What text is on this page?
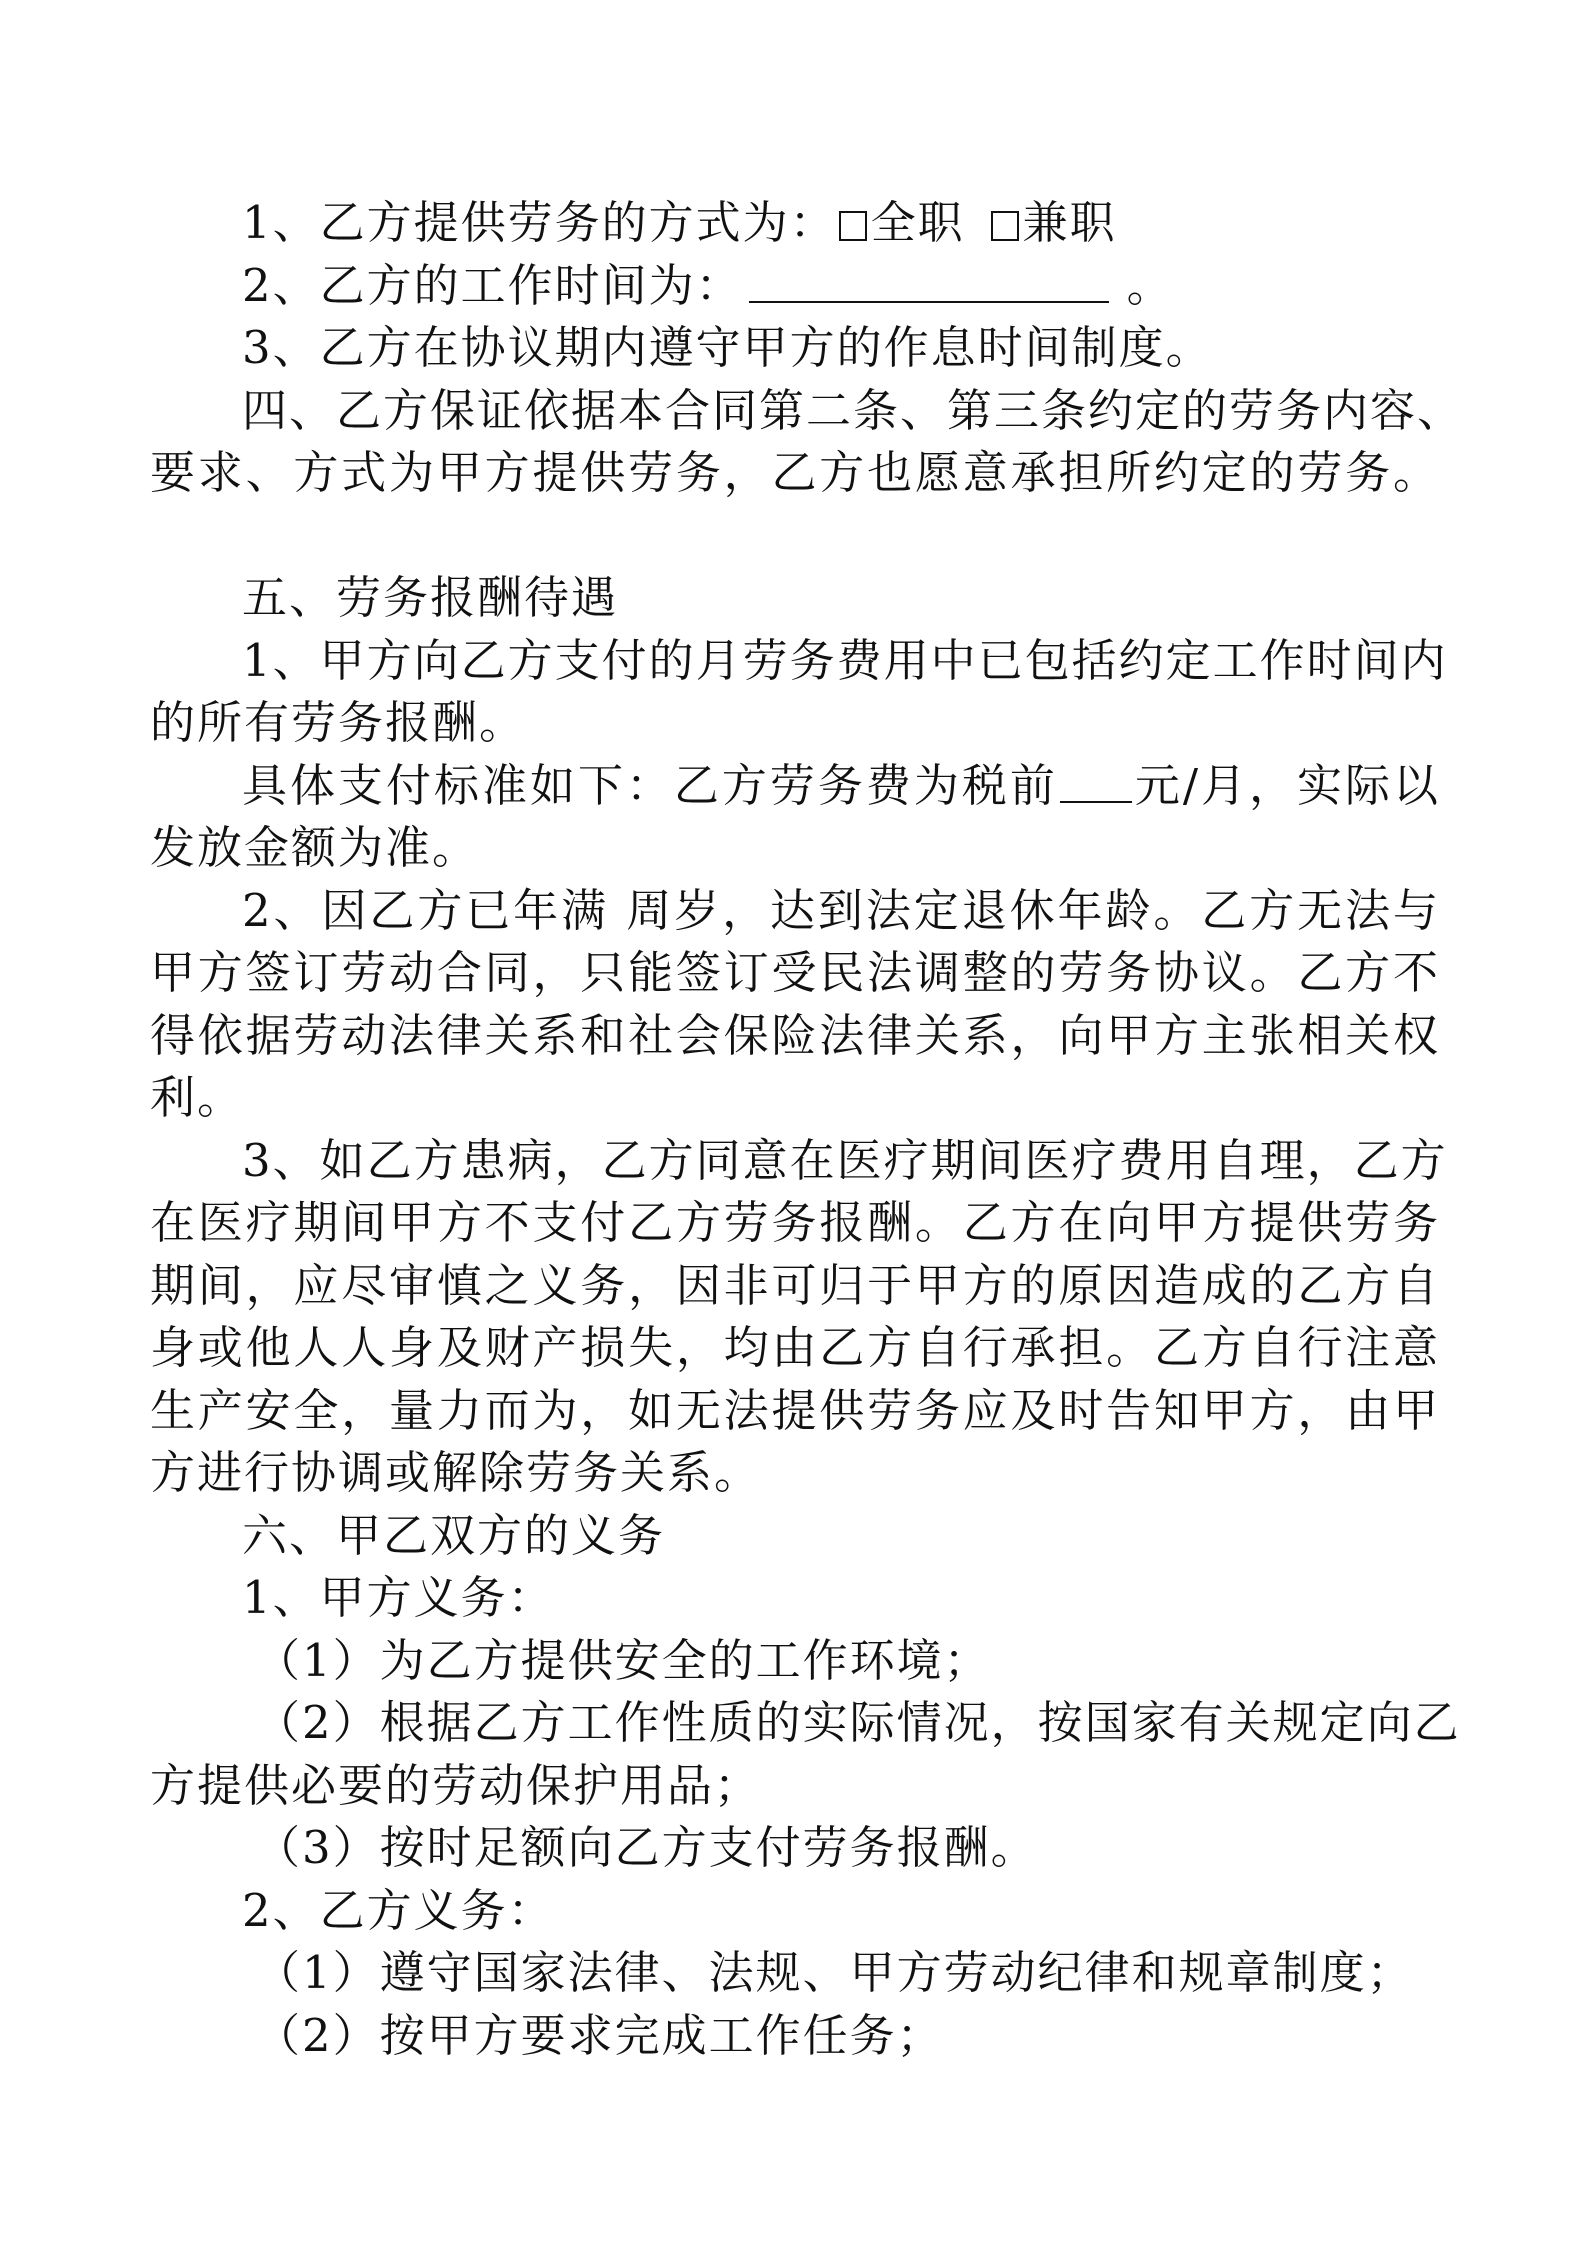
1、乙方提供劳务的方式为： 全职 兼职
2、乙方的工作时间为：	。
3、乙方在协议期内遵守甲方的作息时间制度。
四、乙方保证依据本合同第二条、第三条约定的劳务内容、
要求、方式为甲方提供劳务，乙方也愿意承担所约定的劳务。
五、劳务报酬待遇
1、甲方向乙方支付的月劳务费用中已包括约定工作时间内
的所有劳务报酬。
具体支付标准如下：乙方劳务费为税前 元/月，实际以
发放金额为准。
2、因乙方已年满 周岁，达到法定退休年龄。乙方无法与
甲方签订劳动合同，只能签订受民法调整的劳务协议。乙方不
得依据劳动法律关系和社会保险法律关系，向甲方主张相关权
利。
3、如乙方患病，乙方同意在医疗期间医疗费用自理，乙方
在医疗期间甲方不支付乙方劳务报酬。乙方在向甲方提供劳务
期间，应尽审慎之义务，因非可归于甲方的原因造成的乙方自
身或他人人身及财产损失，均由乙方自行承担。乙方自行注意
生产安全，量力而为，如无法提供劳务应及时告知甲方，由甲
方进行协调或解除劳务关系。
六、甲乙双方的义务
1、甲方义务：
（1）为乙方提供安全的工作环境；
（2）根据乙方工作性质的实际情况，按国家有关规定向乙
方提供必要的劳动保护用品；
（3）按时足额向乙方支付劳务报酬。
2、乙方义务：
（1）遵守国家法律、法规、甲方劳动纪律和规章制度；
（2）按甲方要求完成工作任务；
